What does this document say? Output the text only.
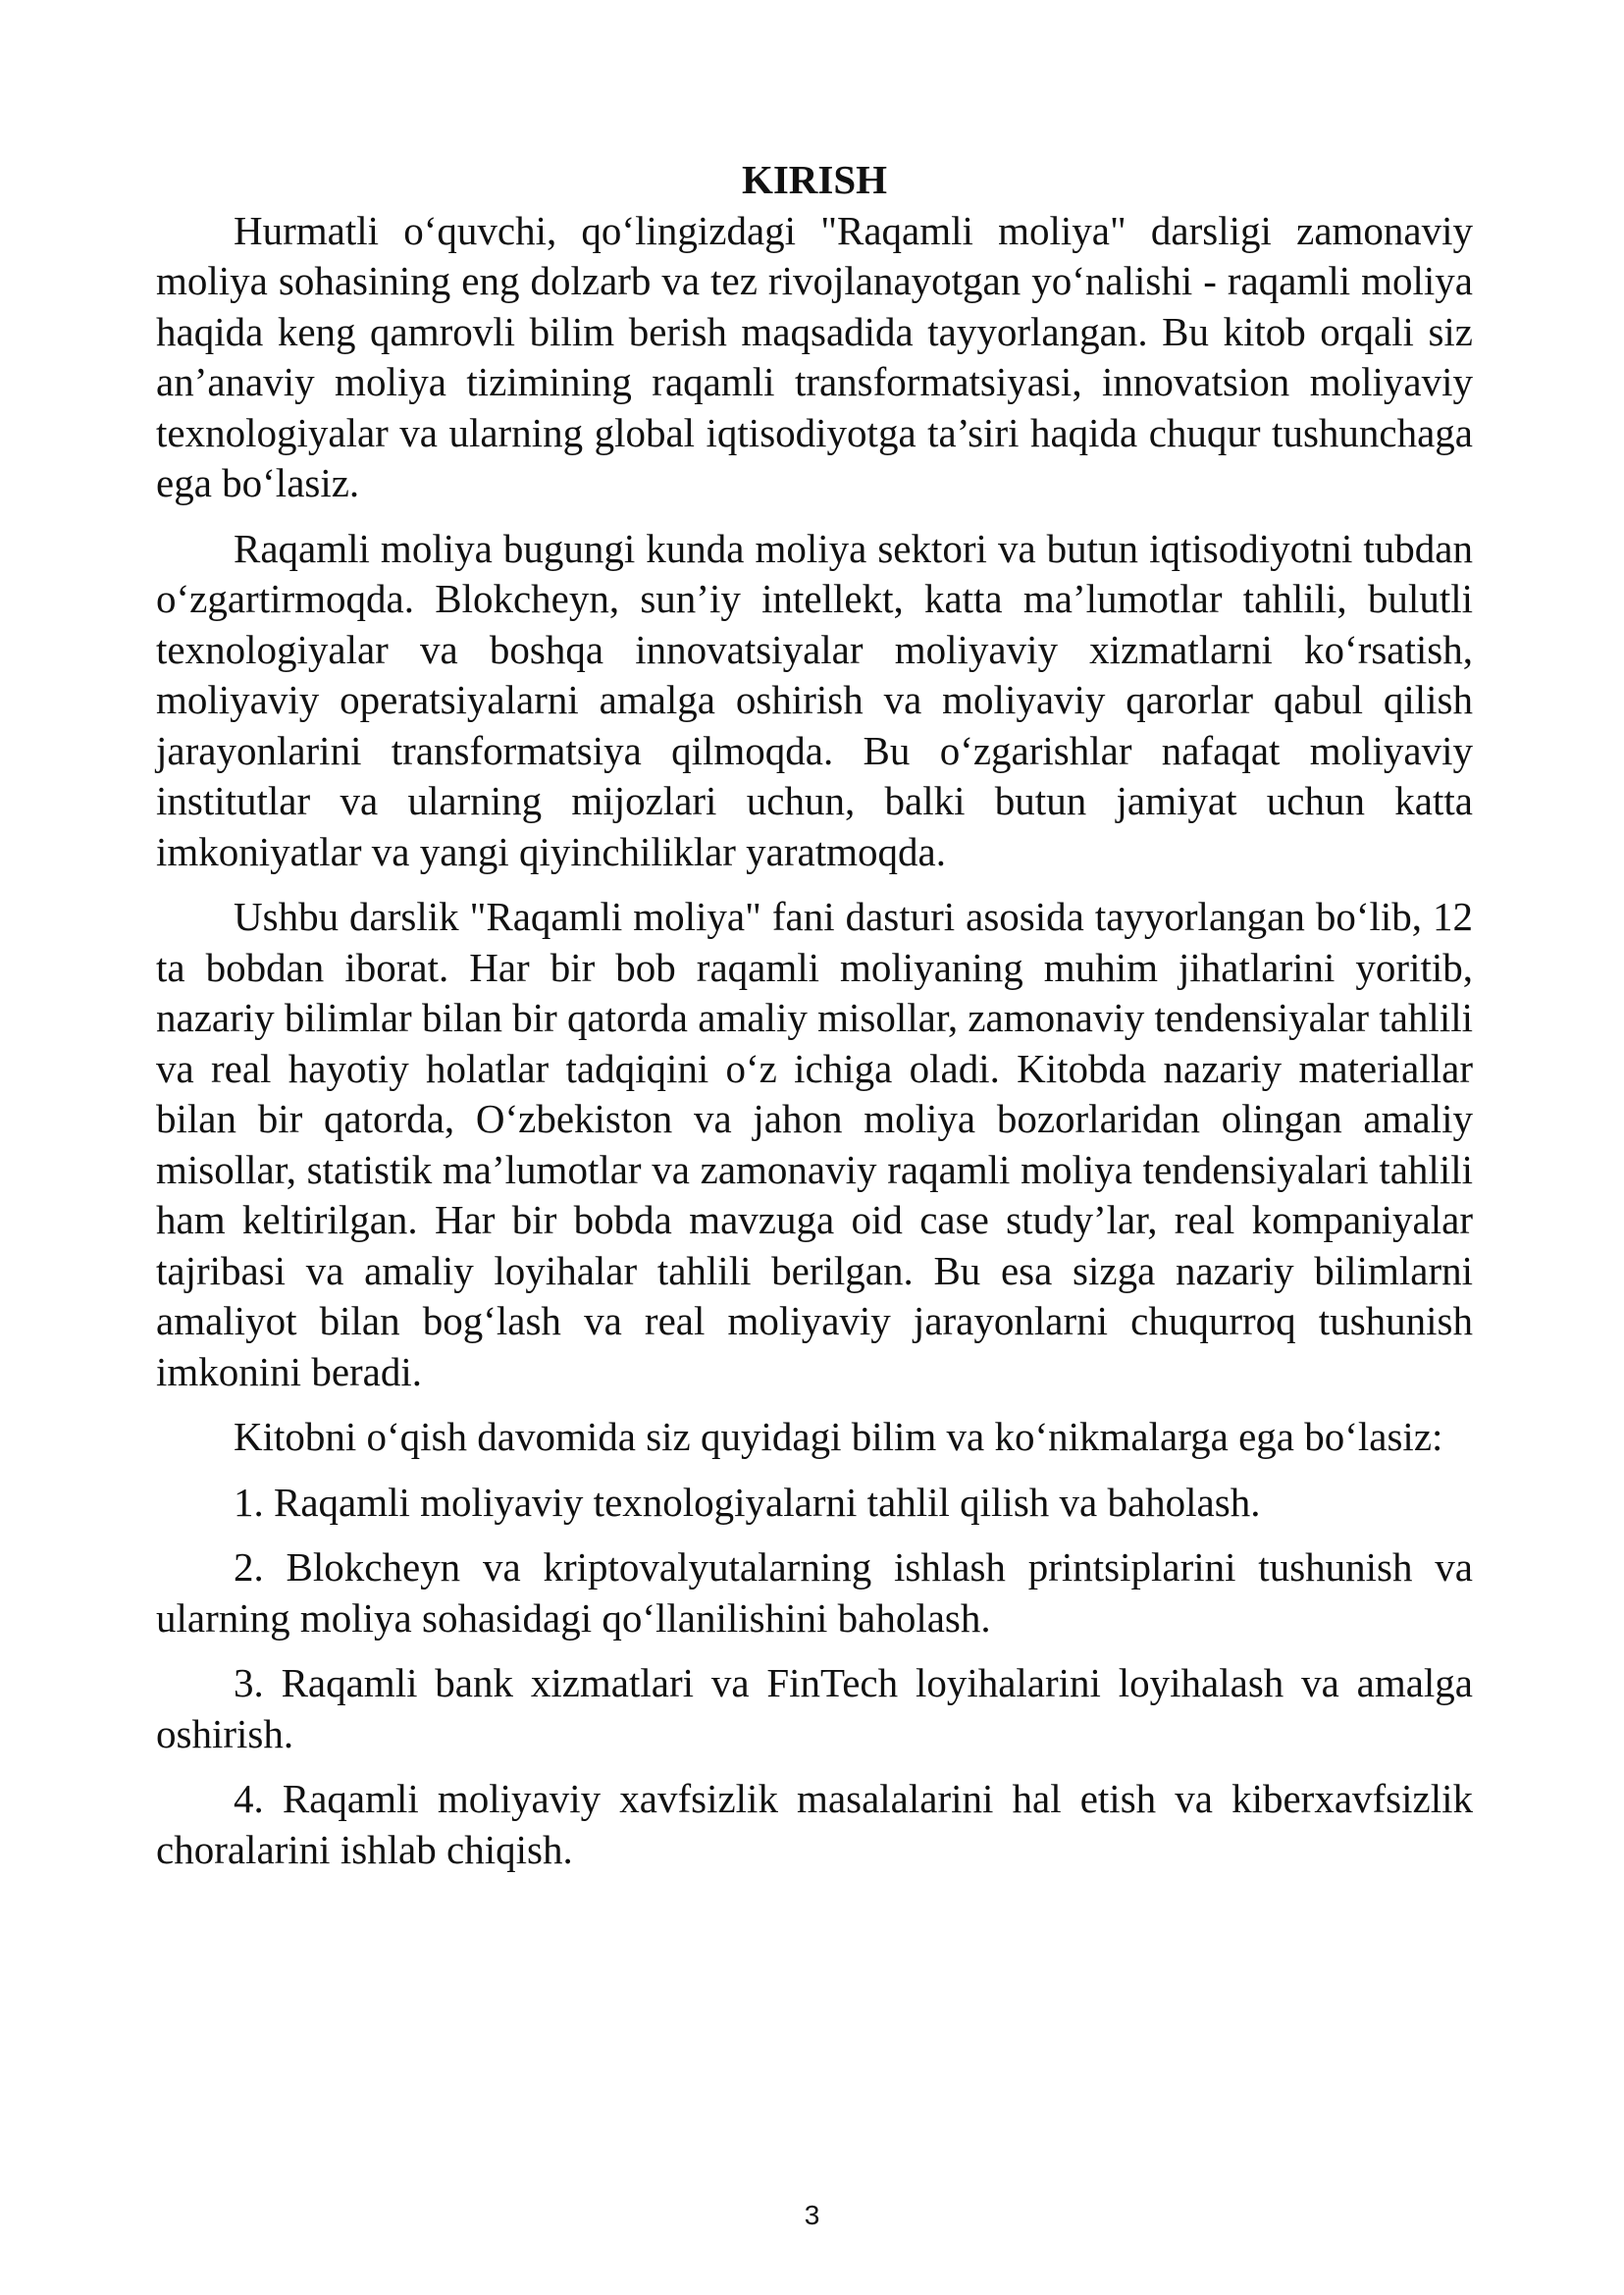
KIRISH

Hurmatli o‘quvchi, qo‘lingizdagi "Raqamli moliya" darsligi zamonaviy moliya sohasining eng dolzarb va tez rivojlanayotgan yo‘nalishi - raqamli moliya haqida keng qamrovli bilim berish maqsadida tayyorlangan. Bu kitob orqali siz an’anaviy moliya tizimining raqamli transformatsiyasi, innovatsion moliyaviy texnologiyalar va ularning global iqtisodiyotga ta’siri haqida chuqur tushunchaga ega bo‘lasiz.

Raqamli moliya bugungi kunda moliya sektori va butun iqtisodiyotni tubdan o‘zgartirmoqda. Blokcheyn, sun’iy intellekt, katta ma’lumotlar tahlili, bulutli texnologiyalar va boshqa innovatsiyalar moliyaviy xizmatlarni ko‘rsatish, moliyaviy operatsiyalarni amalga oshirish va moliyaviy qarorlar qabul qilish jarayonlarini transformatsiya qilmoqda. Bu o‘zgarishlar nafaqat moliyaviy institutlar va ularning mijozlari uchun, balki butun jamiyat uchun katta imkoniyatlar va yangi qiyinchiliklar yaratmoqda.

Ushbu darslik "Raqamli moliya" fani dasturi asosida tayyorlangan bo‘lib, 12 ta bobdan iborat. Har bir bob raqamli moliyaning muhim jihatlarini yoritib, nazariy bilimlar bilan bir qatorda amaliy misollar, zamonaviy tendensiyalar tahlili va real hayotiy holatlar tadqiqini o‘z ichiga oladi. Kitobda nazariy materiallar bilan bir qatorda, O‘zbekiston va jahon moliya bozorlaridan olingan amaliy misollar, statistik ma’lumotlar va zamonaviy raqamli moliya tendensiyalari tahlili ham keltirilgan. Har bir bobda mavzuga oid case study’lar, real kompaniyalar tajribasi va amaliy loyihalar tahlili berilgan. Bu esa sizga nazariy bilimlarni amaliyot bilan bog‘lash va real moliyaviy jarayonlarni chuqurroq tushunish imkonini beradi.

Kitobni o‘qish davomida siz quyidagi bilim va ko‘nikmalarga ega bo‘lasiz:

1. Raqamli moliyaviy texnologiyalarni tahlil qilish va baholash.

2. Blokcheyn va kriptovalyutalarning ishlash printsiplarini tushunish va ularning moliya sohasidagi qo‘llanilishini baholash.

3. Raqamli bank xizmatlari va FinTech loyihalarini loyihalash va amalga oshirish.

4. Raqamli moliyaviy xavfsizlik masalalarini hal etish va kiberxavfsizlik choralarini ishlab chiqish.

3
